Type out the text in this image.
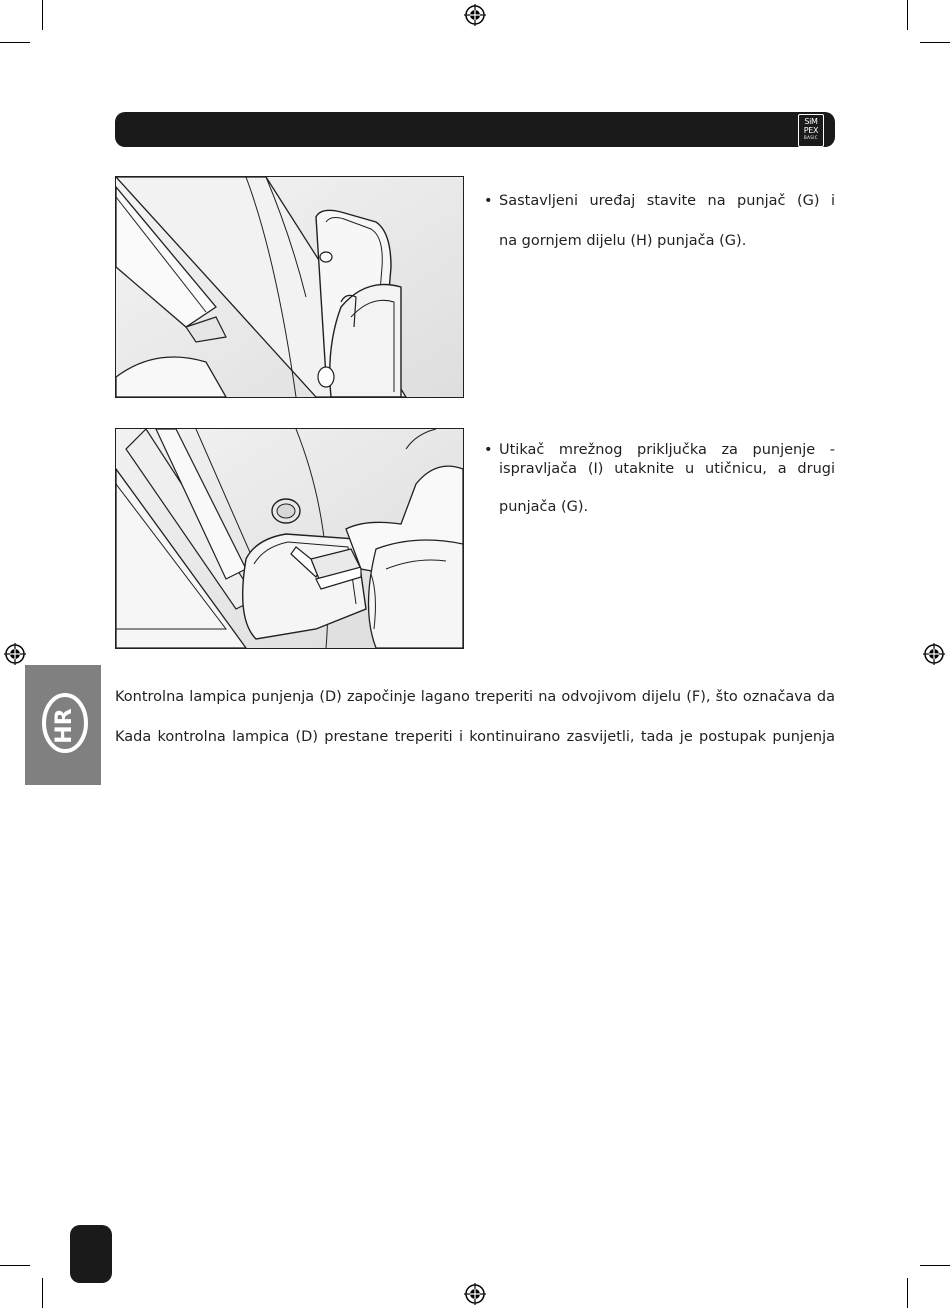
SiM
PEX
BASIC
• Sastavljeni uređaj stavite na punjač (G) i
na gornjem dijelu (H) punjača (G).
• Utikač mrežnog priključka za punjenje -
ispravljača (I) utaknite u utičnicu, a drugi
punjača (G).
Kontrolna lampica punjenja (D) započinje lagano treperiti na odvojivom dijelu (F), što označava da
Kada kontrolna lampica (D) prestane treperiti i kontinuirano zasvijetli, tada je postupak punjenja
HR
